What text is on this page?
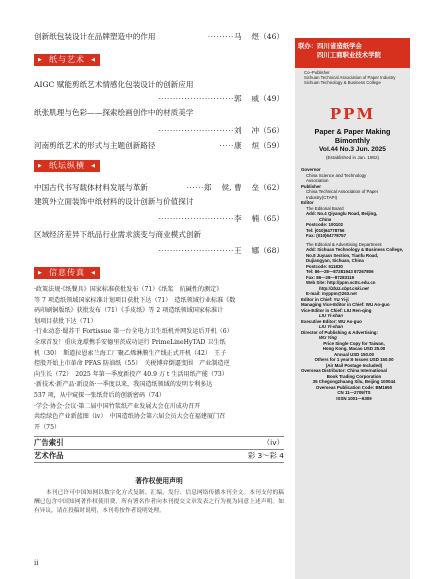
创新纸包装设计在品牌塑造中的作用	·········马　 煜（46）
▶ 纸与艺术 ◀
AIGC 赋能剪纸艺术情感化包装设计的创新应用
··························郭　 威（49）
纸张肌理与色彩——探索绘画创作中的材质美学
··························刘　 冲（56）
河南剪纸艺术的形式与主题创新路径	·····康　 烜（59）
▶ 纸坛纵横 ◀
中国古代书写载体材料发展与革新	······郑　 侯, 曹　 垒（62）
建筑外立面装饰中纸材料的设计创新与价值探讨
··························李　 楠（65）
区域经济差异下纸品行业需求演变与商业模式创新
··························王　 娜（68）
▶ 信息传真 ◀
·政策法规·《纸餐具》国家标准获批发布（71）《纸浆　抗碱性的测定》
等 7 项造纸领域国家标准计划项目获批下达（71）　造纸领域行业标准《数
码印刷铜版纸》获批发布（71）《手皮纸》等 2 项造纸领域国家标准计
划项目获批下达（71）
·行业动态·蜀苏干 Fortissue 第一台全电力卫生纸机并网发运后开机（6）
全球首发！重庆龙璟携手安德里茨成功运行 PrimeLineHyTAD 卫生纸
机（30）　斯道拉恩索兰海工厂聚乙烯淋膜生产线正式开机（42）　王子
控股开始上市革命 PFAS 防油纸（55）　关税博弈倒逼变围　产业制造逆
向生长（72）　2025 年第一季度新投产 40.9 万 t 生活用纸产能（73）
·新技术·新产品·新设备·一季度以来，我国造纸领域的发明专利多达
537 项，从中窥探一张纸背后的创新密码（74）
·学会·协会·会议·第二届中国竹浆纸产业发展大会在川成功召开
共绘绿色产业新蓝图（iv）　中国造纸协会第六届会员大会在福建厦门召
开（75）
广告索引	（iv）
艺术作品	彩 3～彩 4
著作权使用声明
本刊已许可中国知网以数字化方式复制、汇编、发行、信息网络传播本刊全文。本刊支付的稿酬已包含中国知网著作权使用费，所有署名作者向本刊提交文章发表之行为视为同意上述声明。如有异议，请在投稿时说明，本刊将按作者说明处理。
ii
联办：四川省造纸学会
四川工商职业技术学院
Co–Publisher
Sichuan Technical Association of Paper Industry
Sichuan Technology & Business College
PPM
Paper & Paper Making
Bimonthly
Vol.44 No.3 Jun. 2025
(Established in Jan. 1982)
Governor
China Science and Technology
Association
Publisher
China Technical Association of Paper
Industry(CTAPI)
Editor
The Editorial Board
Add: No.4 Qiyanglu Road, Beijing,
China
Postcode: 100102
Tel: (010)64778756
Fax: (010)64778757
The Editorial & Advertising Department
Add: Sichuan Technology & Business College,
No.8 Juyuan Section, Tianfu Road,
Dujiangyan, Sichuan, China
Postcode: 611830
Tel: 86—28—87281943 87267806
Fax: 86—28—87283119
Web Site: http://ppm.scttc.edu.cn
http://zbzz.cbpt.cnki.net
E-mail: myppm@263.net
Editor in Chief: YU Yi-ji
Managing Vice-Editor in Chief: WU Ao-guo
Vice-Editor in Chief: LIU Ren-qing
LIU Yi-shan
Executive Editor: WU Ao-guo
LIU Yi-shan
Director of Publishing & Advertising:
WU Ying
Price Single Copy for Taiwan,
Hong Kong, Macao USD 25.00
Annual USD 150.00
Others for 1 year:6 Issues USD 150.00
(Air Mail Postage Included)
Overseas Distributor: China International
Book Trading Corporation
35 Chegongzhuang Xilu, Beijing 100044
Overseas Publication Code: BM1650
CN 11—2709/TS
ISSN 1001—6309
